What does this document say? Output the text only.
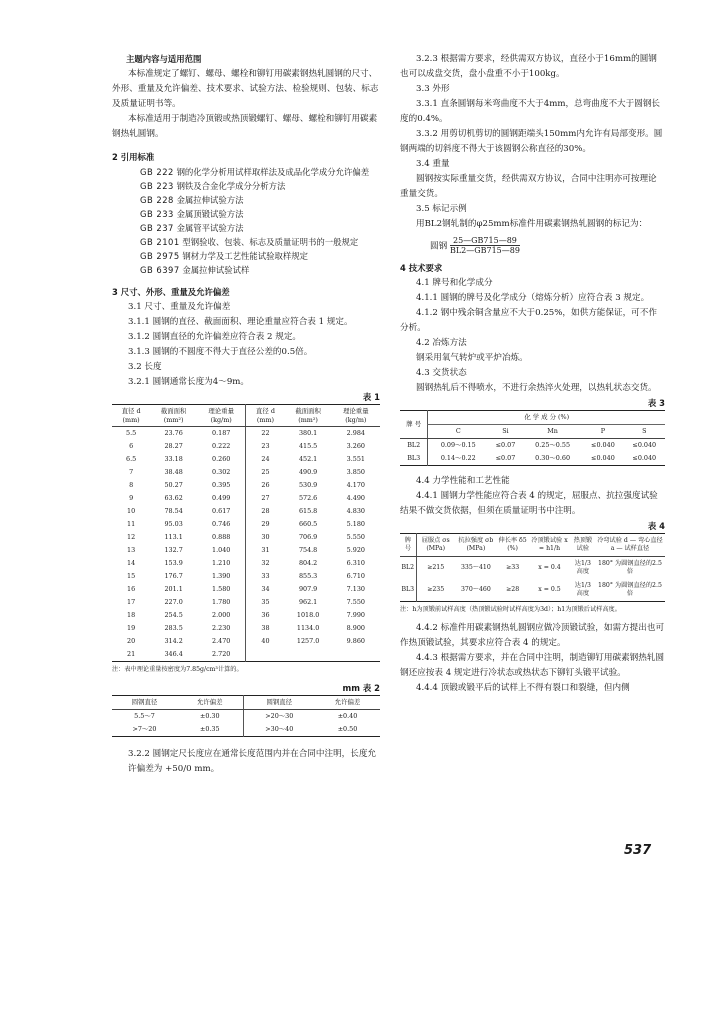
主题内容与适用范围

本标准规定了螺钉、螺母、螺栓和铆钉用碳素钢热轧圆钢的尺寸、外形、重量及允许偏差、技术要求、试验方法、检验规则、包装、标志及质量证明书等。

本标准适用于制造冷顶锻或热顶锻螺钉、螺母、螺栓和铆钉用碳素钢热轧圆钢。

2 引用标准

GB 222 钢的化学分析用试样取样法及成品化学成分允许偏差

GB 223 钢铁及合金化学成分分析方法

GB 228 金属拉伸试验方法

GB 233 金属顶锻试验方法

GB 237 金属管平试验方法

GB 2101 型钢验收、包装、标志及质量证明书的一般规定

GB 2975 钢材力学及工艺性能试验取样规定

GB 6397 金属拉伸试验试样

3 尺寸、外形、重量及允许偏差

3.1 尺寸、重量及允许偏差

3.1.1 圆钢的直径、截面面积、理论重量应符合表 1 规定。

3.1.2 圆钢直径的允许偏差应符合表 2 规定。

3.1.3 圆钢的不圆度不得大于直径公差的0.5倍。

3.2 长度

3.2.1 圆钢通常长度为4～9m。

表 1
直径 d (mm)	截面面积 (mm²)	理论重量 (kg/m)	直径 d (mm)	截面面积 (mm²)	理论重量 (kg/m)
5.5	23.76	0.187	22	380.1	2.984
6	28.27	0.222	23	415.5	3.260
6.5	33.18	0.260	24	452.1	3.551
7	38.48	0.302	25	490.9	3.850
8	50.27	0.395	26	530.9	4.170
9	63.62	0.499	27	572.6	4.490
10	78.54	0.617	28	615.8	4.830
11	95.03	0.746	29	660.5	5.180
12	113.1	0.888	30	706.9	5.550
13	132.7	1.040	31	754.8	5.920
14	153.9	1.210	32	804.2	6.310
15	176.7	1.390	33	855.3	6.710
16	201.1	1.580	34	907.9	7.130
17	227.0	1.780	35	962.1	7.550
18	254.5	2.000	36	1018.0	7.990
19	283.5	2.230	38	1134.0	8.900
20	314.2	2.470	40	1257.0	9.860
21	346.4	2.720			
注：表中理论重量按密度为7.85g/cm³计算的。
mm 表 2
圆钢直径	允许偏差	圆钢直径	允许偏差
5.5～7	±0.30	>20～30	±0.40
>7～20	±0.35	>30～40	±0.50

3.2.2 圆钢定尺长度应在通常长度范围内并在合同中注明，长度允许偏差为 +50/0 mm。

3.2.3 根据需方要求，经供需双方协议，直径小于16mm的圆钢也可以成盘交货，盘小盘重不小于100kg。

3.3 外形

3.3.1 直条圆钢每米弯曲度不大于4mm，总弯曲度不大于圆钢长度的0.4%。

3.3.2 用剪切机剪切的圆钢距端头150mm内允许有局部变形。圆钢两端的切斜度不得大于该圆钢公称直径的30%。

3.4 重量

圆钢按实际重量交货，经供需双方协议，合同中注明亦可按理论重量交货。

3.5 标记示例

用BL2钢轧制的φ25mm标准件用碳素钢热轧圆钢的标记为：

圆钢 $\frac{25—GB715—89}{BL2—GB715—89}$

4 技术要求

4.1 牌号和化学成分

4.1.1 圆钢的牌号及化学成分（熔炼分析）应符合表 3 规定。

4.1.2 钢中残余铜含量应不大于0.25%，如供方能保证，可不作分析。

4.2 冶炼方法

钢采用氧气转炉或平炉冶炼。

4.3 交货状态

圆钢热轧后不得喷水，不进行余热淬火处理，以热轧状态交货。

表 3
牌 号	化 学 成 分 (%)				
	C	Si	Mn	P	S
BL2	0.09～0.15	≤0.07	0.25～0.55	≤0.040	≤0.040
BL3	0.14～0.22	≤0.07	0.30～0.60	≤0.040	≤0.040

4.4 力学性能和工艺性能

4.4.1 圆钢力学性能应符合表 4 的规定，屈服点、抗拉强度试验结果不做交货依据，但须在质量证明书中注明。

表 4
牌 号	屈服点 σs (MPa)	抗拉强度 σb (MPa)	伸长率 δ5 (%)	冷顶锻试验 x = h1/h	热顶锻试验	冷弯试验 d — 弯心直径 a — 试样直径
BL2	≥215	335～410	≥33	x = 0.4	达1/3高度	180° 为圆钢直径的2.5倍
BL3	≥235	370～460	≥28	x = 0.5	达1/3高度	180° 为圆钢直径的2.5倍
注：h为顶锻前试样高度（热顶锻试验时试样高度为3d）；h1为顶锻后试样高度。

4.4.2 标准件用碳素钢热轧圆钢应做冷顶锻试验，如需方提出也可作热顶锻试验，其要求应符合表 4 的规定。

4.4.3 根据需方要求，并在合同中注明，制造铆钉用碳素钢热轧圆钢还应按表 4 规定进行冷状态或热状态下铆钉头锻平试验。

4.4.4 顶锻或锻平后的试样上不得有裂口和裂缝，但内侧

537
